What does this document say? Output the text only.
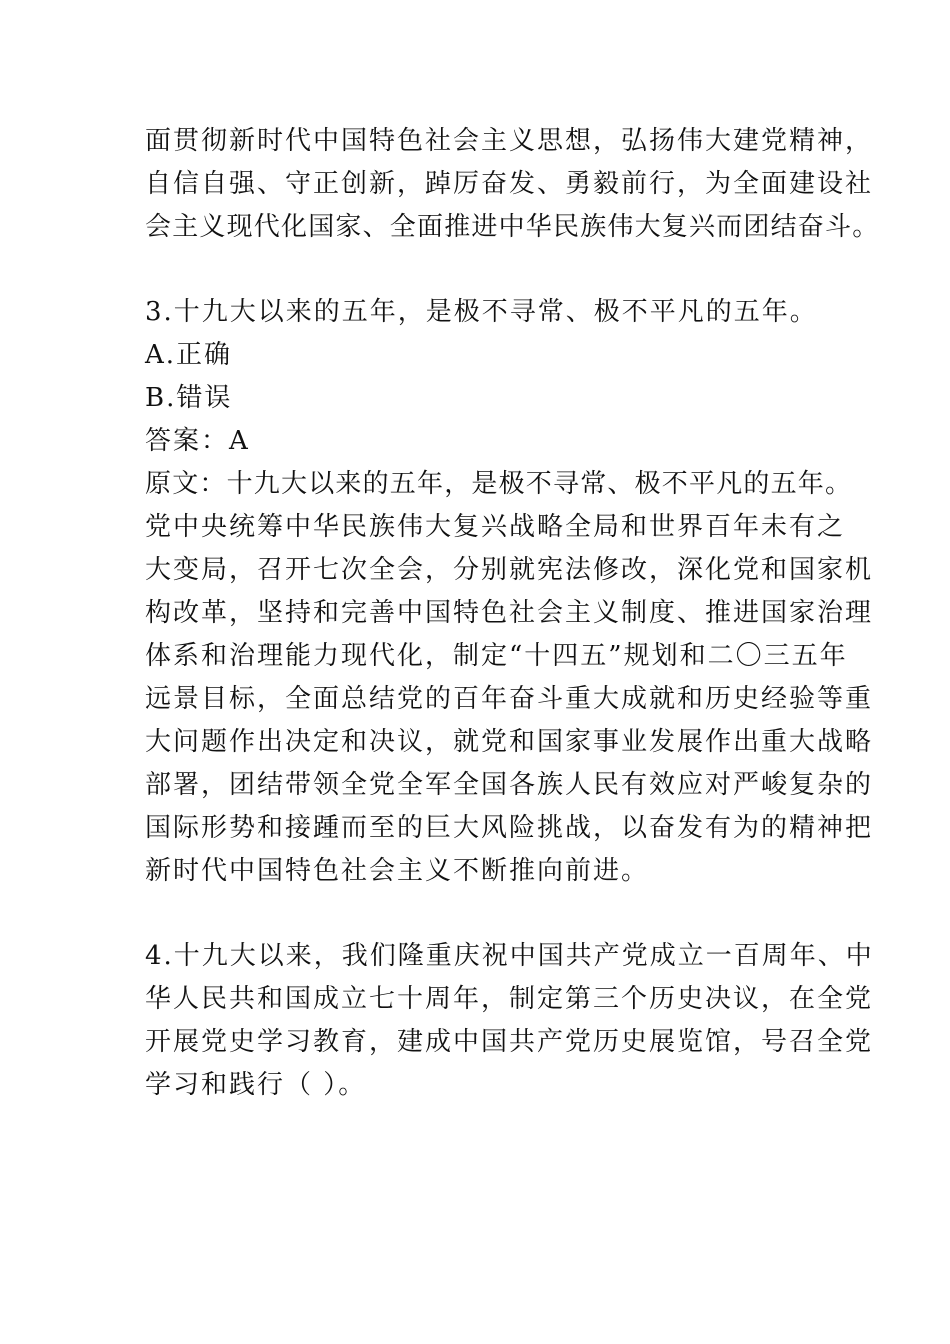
面贯彻新时代中国特色社会主义思想，弘扬伟大建党精神，
自信自强、守正创新，踔厉奋发、勇毅前行，为全面建设社
会主义现代化国家、全面推进中华民族伟大复兴而团结奋斗。
3.十九大以来的五年，是极不寻常、极不平凡的五年。
A.正确
B.错误
答案：A
原文：十九大以来的五年，是极不寻常、极不平凡的五年。
党中央统筹中华民族伟大复兴战略全局和世界百年未有之
大变局，召开七次全会，分别就宪法修改，深化党和国家机
构改革，坚持和完善中国特色社会主义制度、推进国家治理
体系和治理能力现代化，制定“十四五”规划和二〇三五年
远景目标，全面总结党的百年奋斗重大成就和历史经验等重
大问题作出决定和决议，就党和国家事业发展作出重大战略
部署，团结带领全党全军全国各族人民有效应对严峻复杂的
国际形势和接踵而至的巨大风险挑战，以奋发有为的精神把
新时代中国特色社会主义不断推向前进。
4.十九大以来，我们隆重庆祝中国共产党成立一百周年、中
华人民共和国成立七十周年，制定第三个历史决议，在全党
开展党史学习教育，建成中国共产党历史展览馆，号召全党
学习和践行（ ）。
